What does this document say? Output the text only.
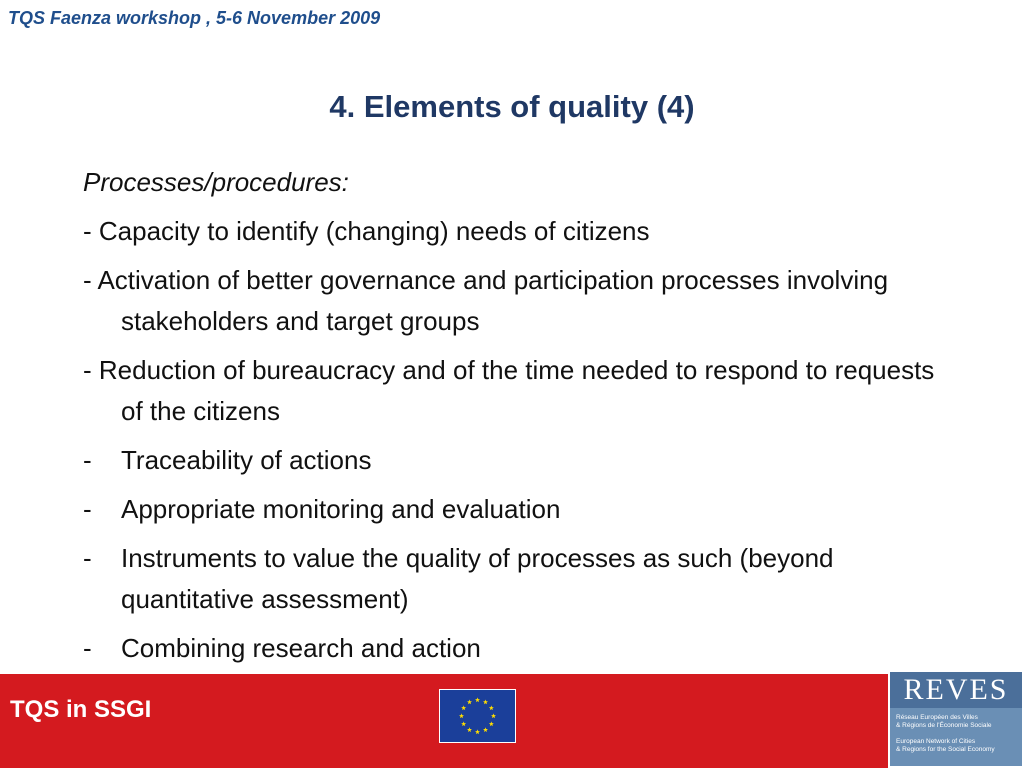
TQS Faenza workshop , 5-6 November 2009
4. Elements of quality (4)
Processes/procedures:
- Capacity to identify (changing) needs of citizens
- Activation of better governance and participation processes involving stakeholders and target groups
- Reduction of bureaucracy and of the time needed to respond to requests of the citizens
-	Traceability of actions
-	Appropriate monitoring and evaluation
-	Instruments to value the quality of processes as such (beyond quantitative assessment)
-	Combining research and action
TQS in SSGI
REVES
Réseau Européen des Villes
& Régions de l'Économie Sociale
European Network of Cities
& Regions for the Social Economy
